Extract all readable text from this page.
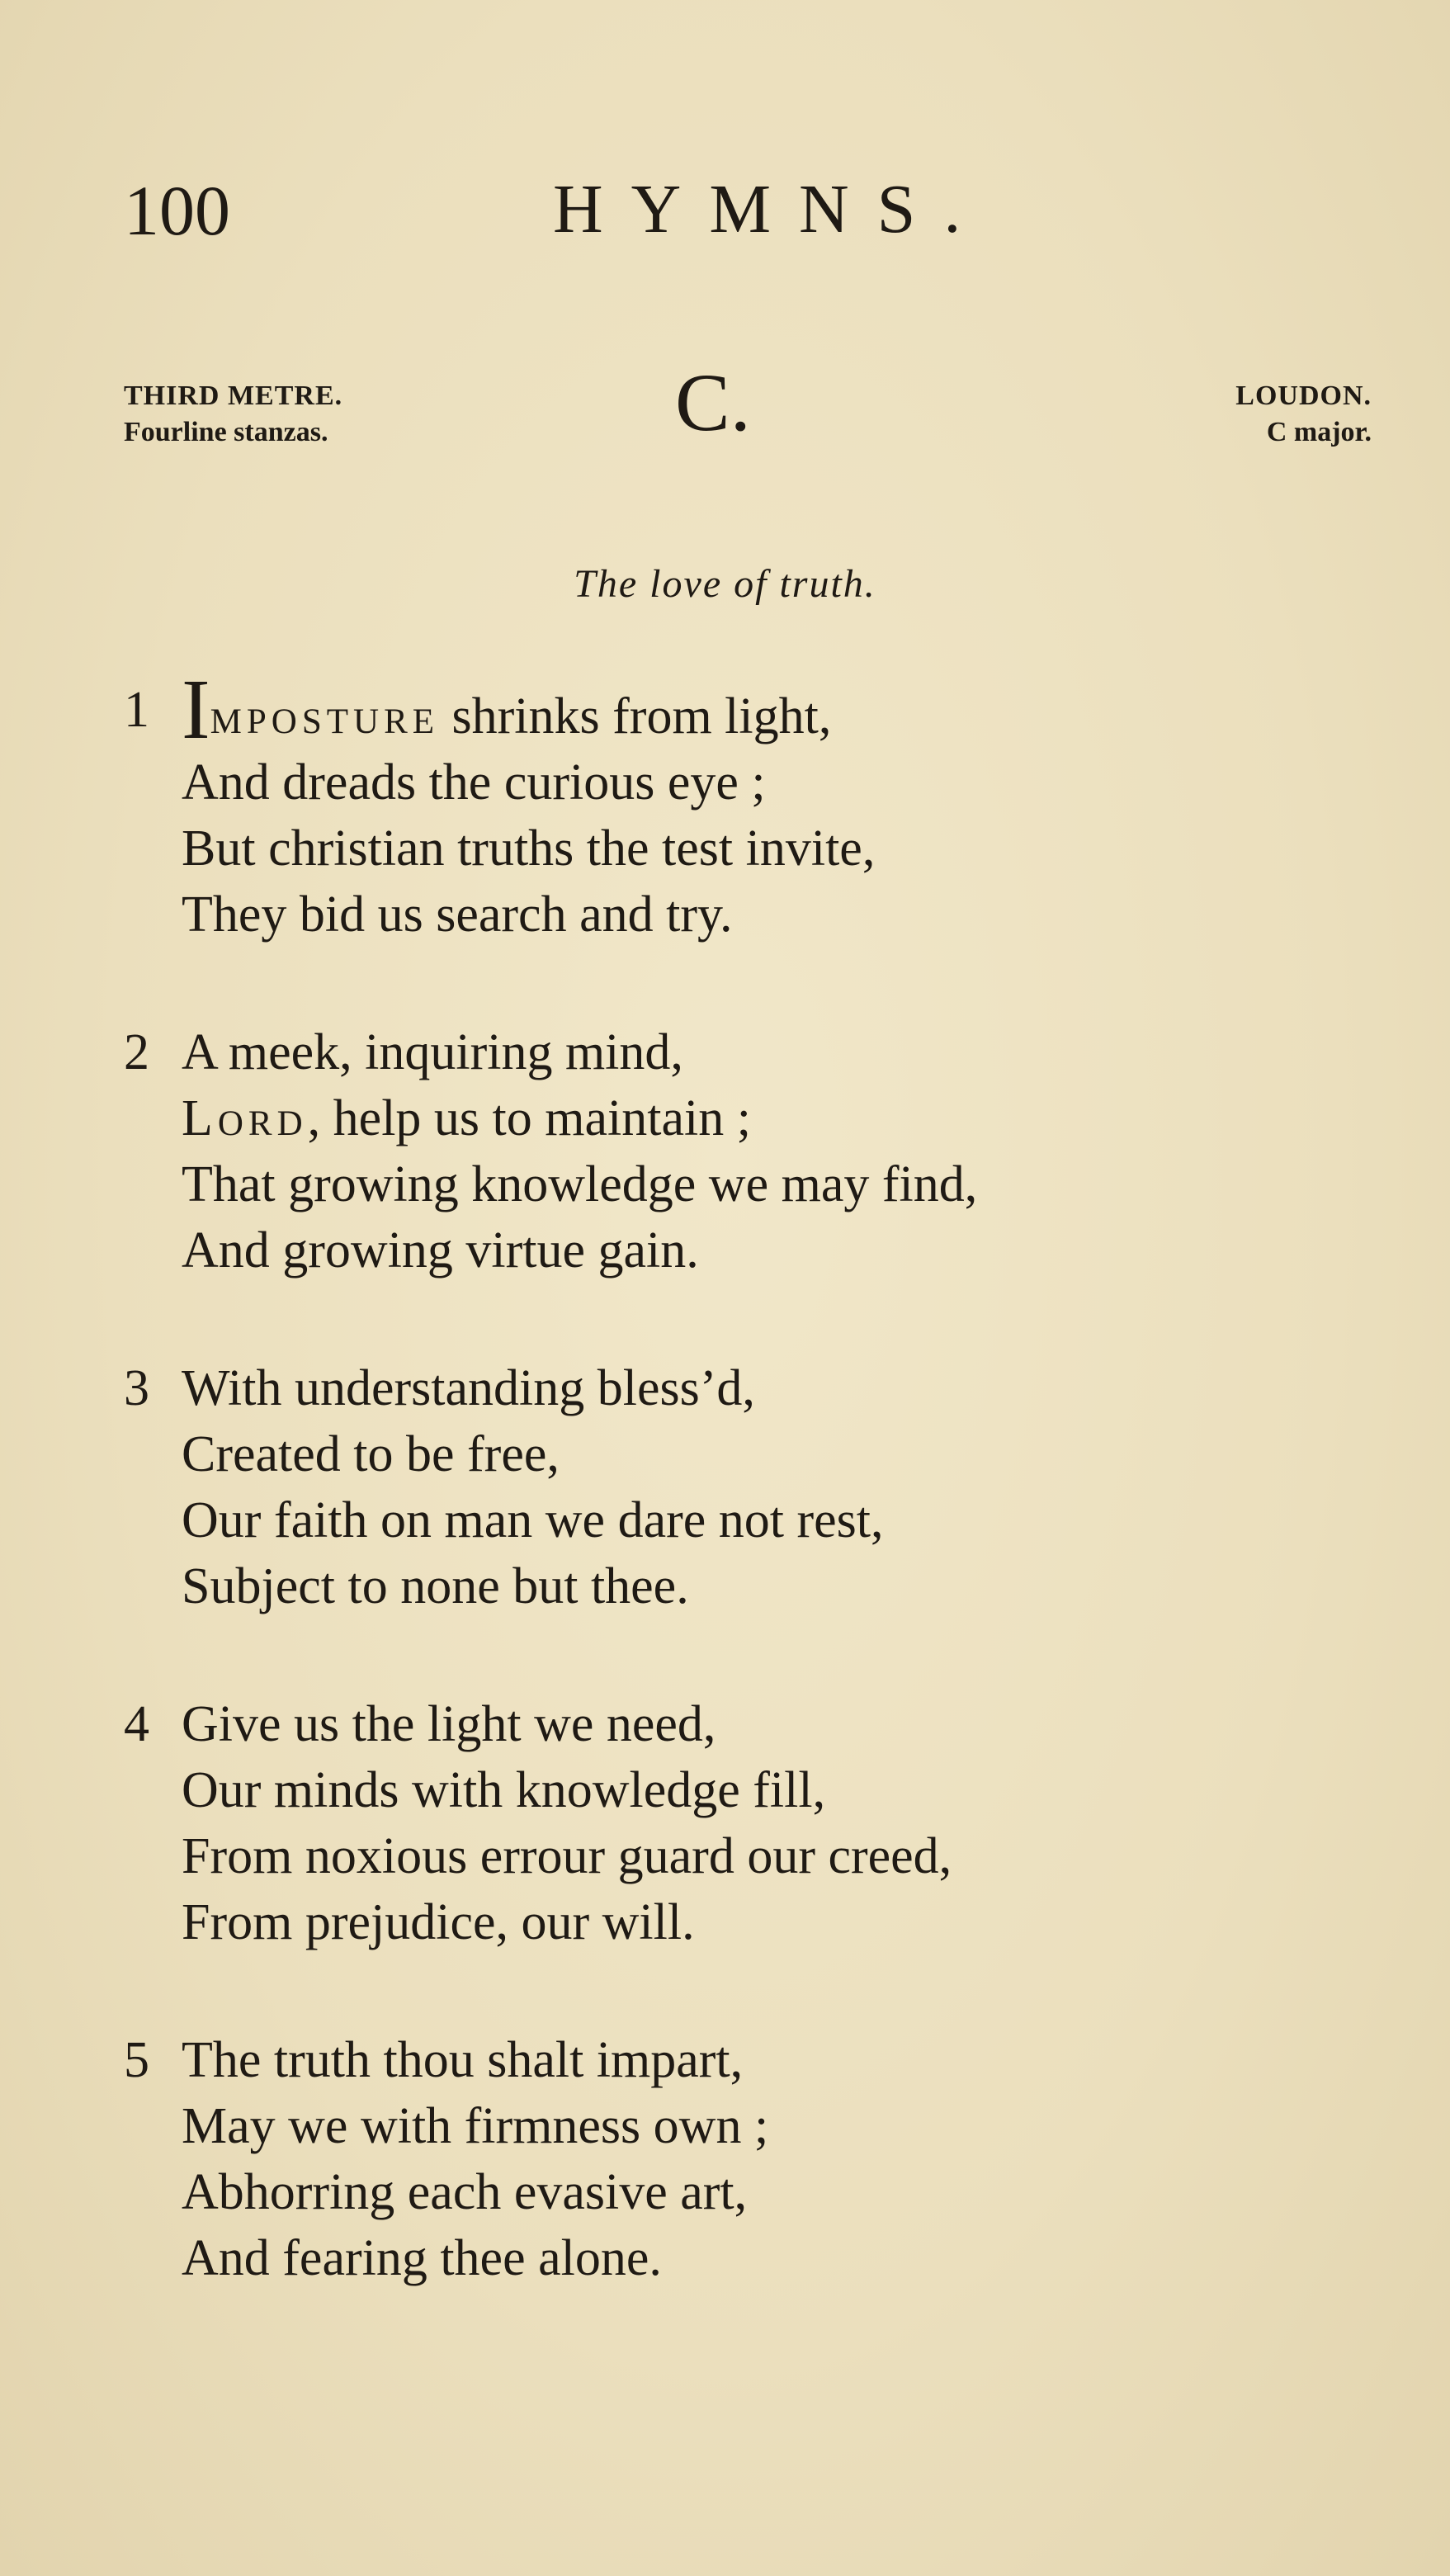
100	HYMNS.
THIRD METRE.
Fourline stanzas.	C.	LOUDON.
C major.
The love of truth.
1 Imposture shrinks from light,
And dreads the curious eye ;
But christian truths the test invite,
They bid us search and try.
2 A meek, inquiring mind,
Lord, help us to maintain ;
That growing knowledge we may find,
And growing virtue gain.
3 With understanding bless’d,
Created to be free,
Our faith on man we dare not rest,
Subject to none but thee.
4 Give us the light we need,
Our minds with knowledge fill,
From noxious errour guard our creed,
From prejudice, our will.
5 The truth thou shalt impart,
May we with firmness own ;
Abhorring each evasive art,
And fearing thee alone.
